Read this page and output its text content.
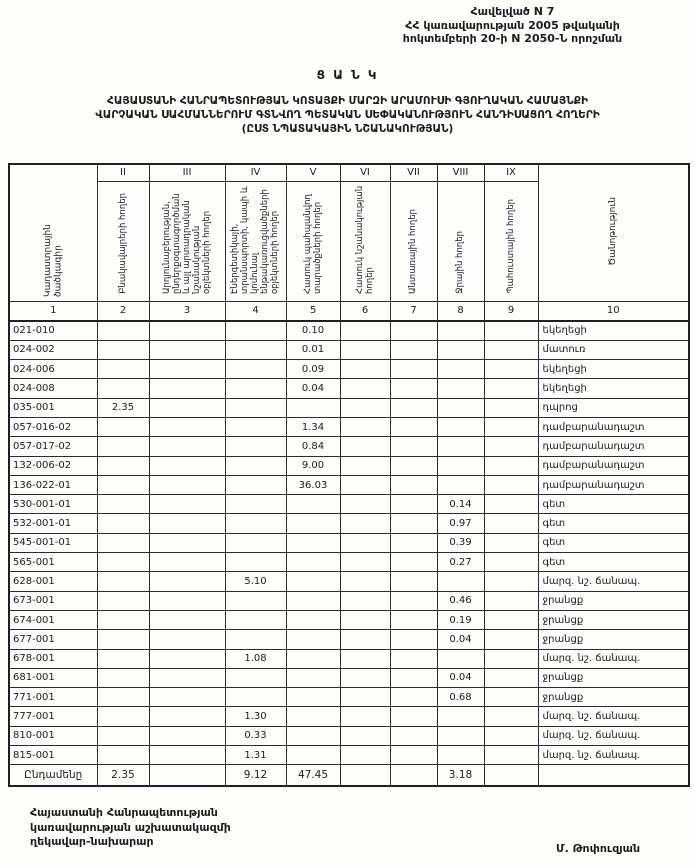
Հավելված N 7
ՀՀ կառավարության 2005 թվականի
հոկտեմբերի 20-ի N 2050-Ն որոշման
Ց Ա Ն Կ
ՀԱՅԱՍՏԱՆԻ ՀԱՆՐԱՊԵՏՈՒԹՅԱՆ ԿՈՏԱՅՔԻ ՄԱՐԶԻ ԱՐԱՄՈՒՍԻ ԳՅՈՒՂԱԿԱՆ ՀԱՄԱՅՆՔԻ
ՎԱՐՉԱԿԱՆ ՍԱՀՄԱՆՆԵՐՈՒՄ ԳՏՆՎՈՂ ՊԵՏԱԿԱՆ ՍԵՓԱԿԱՆՈՒԹՅՈՒՆ ՀԱՆԴԻՍԱՑՈՂ ՀՈՂԵՐԻ
(ԸՍՏ ՆՊԱՏԱԿԱՅԻՆ ՆՇԱՆԱԿՈՒԹՅԱՆ)
Կադաստրային ծածկագիր	II	III	IV	V	VI	VII	VIII	IX	Ծանոթություն
	Բնակավայրերի հողեր	Արդյունաբերության, ընդերքօգտագործման և այլ արտադրական նշանակության օբյեկտների հողեր	Էներգետիկայի, տրանսպորտի, կապի և կոմունալ ենթակառուցվածքների օբյեկտների հողեր	Հատուկ պահպանվող տարածքների հողեր	Հատուկ նշանակության հողեր	Անտառային հողեր	Ջրային հողեր	Պահուստային հողեր	
1	2	3	4	5	6	7	8	9	10
021-010				0.10					եկեղեցի
024-002				0.01					մատուռ
024-006				0.09					եկեղեցի
024-008				0.04					եկեղեցի
035-001	2.35								դպրոց
057-016-02				1.34					դամբարանադաշտ
057-017-02				0.84					դամբարանադաշտ
132-006-02				9.00					դամբարանադաշտ
136-022-01				36.03					դամբարանադաշտ
530-001-01							0.14		գետ
532-001-01							0.97		գետ
545-001-01							0.39		գետ
565-001							0.27		գետ
628-001			5.10						մարզ. նշ. ճանապ.
673-001							0.46		ջրանցք
674-001							0.19		ջրանցք
677-001							0.04		ջրանցք
678-001			1.08						մարզ. նշ. ճանապ.
681-001							0.04		ջրանցք
771-001							0.68		ջրանցք
777-001			1.30						մարզ. նշ. ճանապ.
810-001			0.33						մարզ. նշ. ճանապ.
815-001			1.31						մարզ. նշ. ճանապ.
Ընդամենը	2.35		9.12	47.45			3.18		
Հայաստանի Հանրապետության
կառավարության աշխատակազմի
ղեկավար-նախարար
Մ. Թոփուզյան
